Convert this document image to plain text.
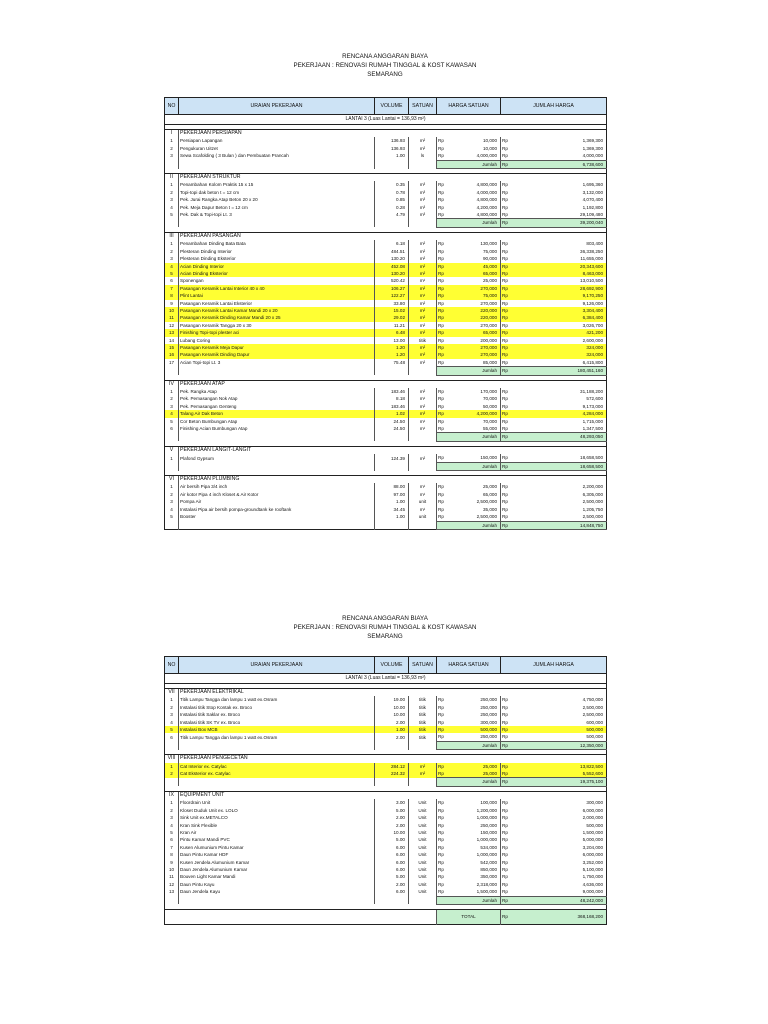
RENCANA ANGGARAN BIAYA
PEKERJAAN : RENOVASI RUMAH TINGGAL & KOST KAWASAN
SEMARANG
NO	URAIAN PEKERJAAN	VOLUME	SATUAN	HARGA SATUAN		JUMLAH HARGA	
LANTAI 3 (Luas Lantai = 136,93 m²)							

I	PEKERJAAN PERSIAPAN						
1	Persiapan Lapangan	136.93	m²	Rp	10,000	Rp	1,369,300
2	Pengukuran Uitzet	136.93	m²	Rp	10,000	Rp	1,369,300
3	Sewa Scafolding ( 3 Bulan ) dan Pembuatan Prancah	1.00	ls	Rp	4,000,000	Rp	4,000,000
				Jumlah		Rp	6,738,600

II	PEKERJAAN STRUKTUR						
1	Penambahan Kolom Praktis 15 x 15	0.35	m³	Rp	4,800,000	Rp	1,695,360
2	Topi-topi dak beton t = 12 cm	0.78	m³	Rp	4,000,000	Rp	3,132,000
3	Pek. Jurai Rangka Atap Beton 20 x 20	0.85	m³	Rp	4,800,000	Rp	4,070,400
4	Pek. Meja Dapur Beton t = 12 cm	0.28	m³	Rp	4,200,000	Rp	1,192,800
5	Pek. Dak & Topi-topi Lt. 3	4.79	m³	Rp	4,800,000	Rp	29,109,480
				Jumlah		Rp	39,200,040

III	PEKERJAAN PASANGAN						
1	Penambahan Dinding Bata Bata	6.18	m²	Rp	130,000	Rp	803,400
2	Plesteran Dinding Interior	484.51	m²	Rp	75,000	Rp	36,338,250
3	Plesteran Dinding Eksterior	130.20	m²	Rp	90,000	Rp	11,655,000
4	Acian Dinding Interior	452.08	m²	Rp	45,000	Rp	20,343,600
5	Acian Dinding Eksterior	130.20	m²	Rp	65,000	Rp	8,463,000
6	Sponengan	520.42	m¹	Rp	25,000	Rp	13,010,500
7	Pasangan Keramik Lantai Interior 40 x 40	106.27	m²	Rp	270,000	Rp	28,692,900
8	Plint Lantai	122.27	m¹	Rp	75,000	Rp	9,170,250
9	Pasangan Keramik Lantai Eksterior	33.80	m²	Rp	270,000	Rp	9,126,000
10	Pasangan Keramik Lantai Kamar Mandi 20 x 20	15.02	m²	Rp	220,000	Rp	3,304,400
11	Pasangan Keramik Dinding Kamar Mandi 20 x 25	29.02	m²	Rp	220,000	Rp	6,384,400
12	Pasangan Keramik Tangga 20 x 30	11.21	m²	Rp	270,000	Rp	3,026,700
13	Finishing Topi-topi plester aci	6.48	m²	Rp	65,000	Rp	421,200
14	Lubang Coring	13.00	titik	Rp	200,000	Rp	2,600,000
15	Pasangan Keramik Meja Dapur	1.20	m²	Rp	270,000	Rp	324,000
16	Pasangan Keramik Dinding Dapur	1.20	m²	Rp	270,000	Rp	324,000
17	Acian Topi-topi Lt. 3	75.48	m²	Rp	85,000	Rp	6,415,800
				Jumlah		Rp	180,451,160

IV	PEKERJAAN ATAP						
1	Pek. Rangka Atap	183.46	m²	Rp	170,000	Rp	31,188,200
2	Pek. Pemasangan Nok Atap	8.18	m¹	Rp	70,000	Rp	572,600
3	Pek. Pemasangan Genteng	183.46	m²	Rp	50,000	Rp	9,173,000
4	Talang Air Dak Beton	1.02	m³	Rp	4,200,000	Rp	4,284,000
5	Cor Beton Bumbungan Atap	24.50	m¹	Rp	70,000	Rp	1,715,000
6	Finishing Acian Bumbungan Atap	24.50	m¹	Rp	55,000	Rp	1,347,500
				Jumlah		Rp	48,293,050

V	PEKERJAAN LANGIT-LANGIT						
1	Plafond Gypsum	124.39	m²	Rp	150,000	Rp	18,658,500
				Jumlah		Rp	18,658,500

VI	PEKERJAAN PLUMBING						
1	Air bersih Pipa 3/4 inch	88.00	m¹	Rp	25,000	Rp	2,200,000
2	Air kotor Pipa 4 inch Kloset & Air Kotor	97.00	m¹	Rp	65,000	Rp	6,305,000
3	Pompa Air	1.00	unit	Rp	2,500,000	Rp	2,500,000
4	Instalasi Pipa air bersih pompa-groundtank ke rooftank	34.45	m¹	Rp	35,000	Rp	1,205,750
5	Booster	1.00	unit	Rp	2,500,000	Rp	2,500,000
				Jumlah		Rp	14,848,750
RENCANA ANGGARAN BIAYA
PEKERJAAN : RENOVASI RUMAH TINGGAL & KOST KAWASAN
SEMARANG
NO	URAIAN PEKERJAAN	VOLUME	SATUAN	HARGA SATUAN		JUMLAH HARGA	
LANTAI 3 (Luas Lantai = 136,93 m²)							

VII	PEKERJAAN ELEKTRIKAL						
1	Titik Lampu Tangga dan lampu 1 watt ex.Osram	19.00	titik	Rp	250,000	Rp	4,750,000
2	Instalasi titik Stop Kontak ex. Broco	10.00	titik	Rp	250,000	Rp	2,500,000
3	Instalasi titik Saklar ex. Broco	10.00	titik	Rp	250,000	Rp	2,500,000
4	Instalasi titik SK TV ex. Broco	2.00	titik	Rp	300,000	Rp	600,000
5	Instalasi Box MCB	1.00	titik	Rp	500,000	Rp	500,000
6	Titik Lampu Tangga dan lampu 1 watt ex.Osram	2.00	titik	Rp	250,000	Rp	500,000
				Jumlah		Rp	12,350,000

VIII	PEKERJAAN PENGECETAN						
1	Cat Interior ex. Catylac	284.12	m²	Rp	25,000	Rp	13,822,500
2	Cat Eksterior ex. Catylac	224.32	m²	Rp	25,000	Rp	5,552,600
				Jumlah		Rp	19,375,100

IX	EQUIPMENT UNIT						
1	Floordrain Unit	3.00	Unit	Rp	100,000	Rp	300,000
2	Kloset Duduk Unit ex. LOLO	5.00	Unit	Rp	1,200,000	Rp	6,000,000
3	Sink Unit ex.METALCO	2.00	Unit	Rp	1,000,000	Rp	2,000,000
4	Kran Sink Flexible	2.00	Unit	Rp	250,000	Rp	500,000
5	Kran Air	10.00	Unit	Rp	150,000	Rp	1,500,000
6	Pintu Kamar Mandi PVC	5.00	Unit	Rp	1,000,000	Rp	5,000,000
7	Kusen Alumunium Pintu Kamar	6.00	Unit	Rp	534,000	Rp	3,204,000
8	Daun Pintu Kamar HDF	6.00	Unit	Rp	1,000,000	Rp	6,000,000
9	Kusen Jendela Alumunium Kamar	6.00	Unit	Rp	542,000	Rp	3,252,000
10	Daun Jendela Alumunium Kamar	6.00	Unit	Rp	850,000	Rp	5,100,000
11	Bouven Light Kamar Mandi	5.00	Unit	Rp	350,000	Rp	1,750,000
12	Daun Pintu Kayu	2.00	Unit	Rp	2,318,000	Rp	4,636,000
13	Daun Jendela Kayu	6.00	Unit	Rp	1,500,000	Rp	9,000,000
				Jumlah		Rp	48,242,000

				TOTAL		Rp	368,168,200
